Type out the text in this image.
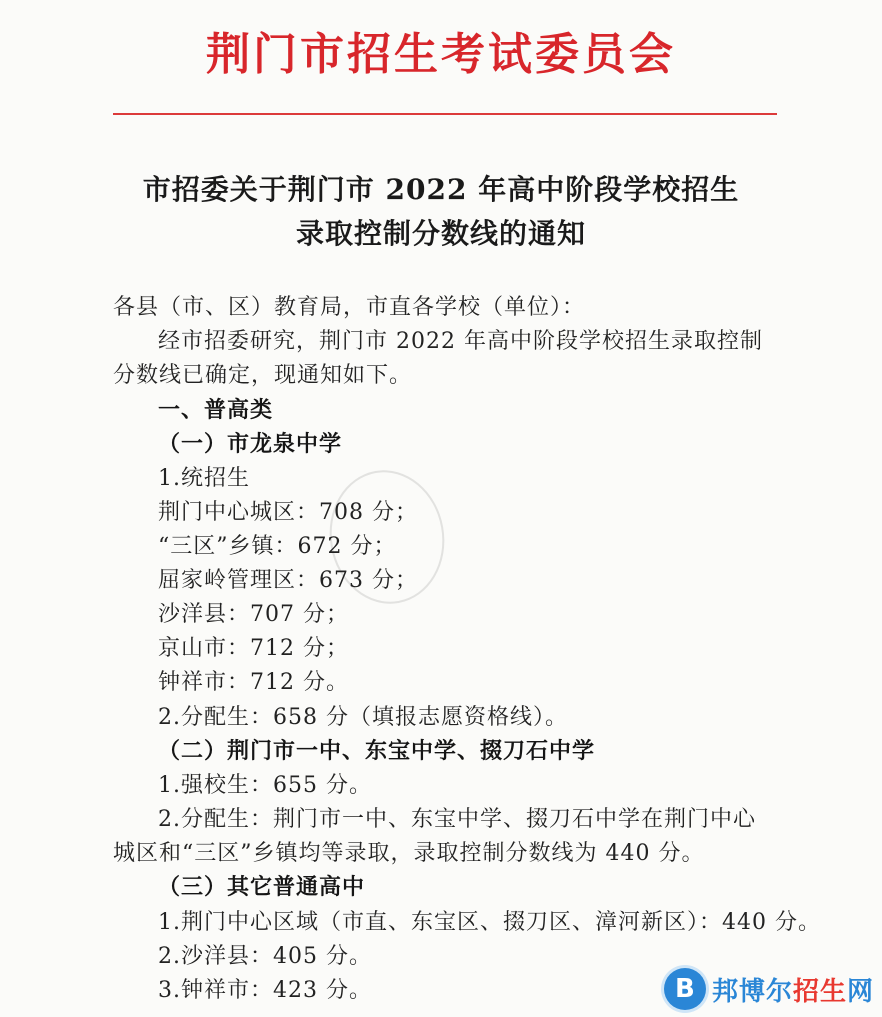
荆门市招生考试委员会
市招委关于荆门市 2022 年高中阶段学校招生
录取控制分数线的通知
各县（市、区）教育局，市直各学校（单位）：
经市招委研究，荆门市 2022 年高中阶段学校招生录取控制
分数线已确定，现通知如下。
一、普高类
（一）市龙泉中学
1.统招生
荆门中心城区：708 分；
“三区”乡镇：672 分；
屈家岭管理区：673 分；
沙洋县：707 分；
京山市：712 分；
钟祥市：712 分。
2.分配生：658 分（填报志愿资格线）。
（二）荆门市一中、东宝中学、掇刀石中学
1.强校生：655 分。
2.分配生：荆门市一中、东宝中学、掇刀石中学在荆门中心
城区和“三区”乡镇均等录取，录取控制分数线为 440 分。
（三）其它普通高中
1.荆门中心区域（市直、东宝区、掇刀区、漳河新区）：440 分。
2.沙洋县：405 分。
3.钟祥市：423 分。	B 邦博尔招生网
